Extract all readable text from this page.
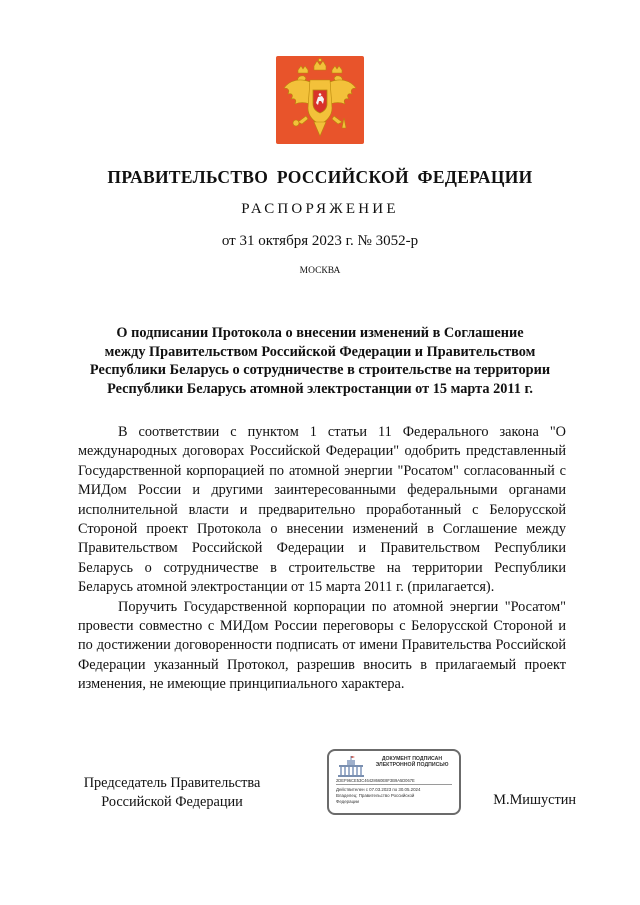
ПРАВИТЕЛЬСТВО РОССИЙСКОЙ ФЕДЕРАЦИИ
РАСПОРЯЖЕНИЕ
от 31 октября 2023 г. № 3052-р
МОСКВА
О подписании Протокола о внесении изменений в Соглашение
между Правительством Российской Федерации и Правительством
Республики Беларусь о сотрудничестве в строительстве на территории
Республики Беларусь атомной электростанции от 15 марта 2011 г.

В соответствии с пунктом 1 статьи 11 Федерального закона "О международных договорах Российской Федерации" одобрить представленный Государственной корпорацией по атомной энергии "Росатом" согласованный с МИДом России и другими заинтересованными федеральными органами исполнительной власти и предварительно проработанный с Белорусской Стороной проект Протокола о внесении изменений в Соглашение между Правительством Российской Федерации и Правительством Республики Беларусь о сотрудничестве в строительстве на территории Республики Беларусь атомной электростанции от 15 марта 2011 г. (прилагается).

Поручить Государственной корпорации по атомной энергии "Росатом" провести совместно с МИДом России переговоры с Белорусской Стороной и по достижении договоренности подписать от имени Правительства Российской Федерации указанный Протокол, разрешив вносить в прилагаемый проект изменения, не имеющие принципиального характера.

Председатель Правительства
Российской Федерации
ДОКУМЕНТ ПОДПИСАН
ЭЛЕКТРОННОЙ ПОДПИСЬЮ
2DEF96CE53C46428660E8F3B9A5D067E
Действителен с 07.03.2023 по 30.05.2024
Владелец: Правительство Российской
Федерации	М.Мишустин
